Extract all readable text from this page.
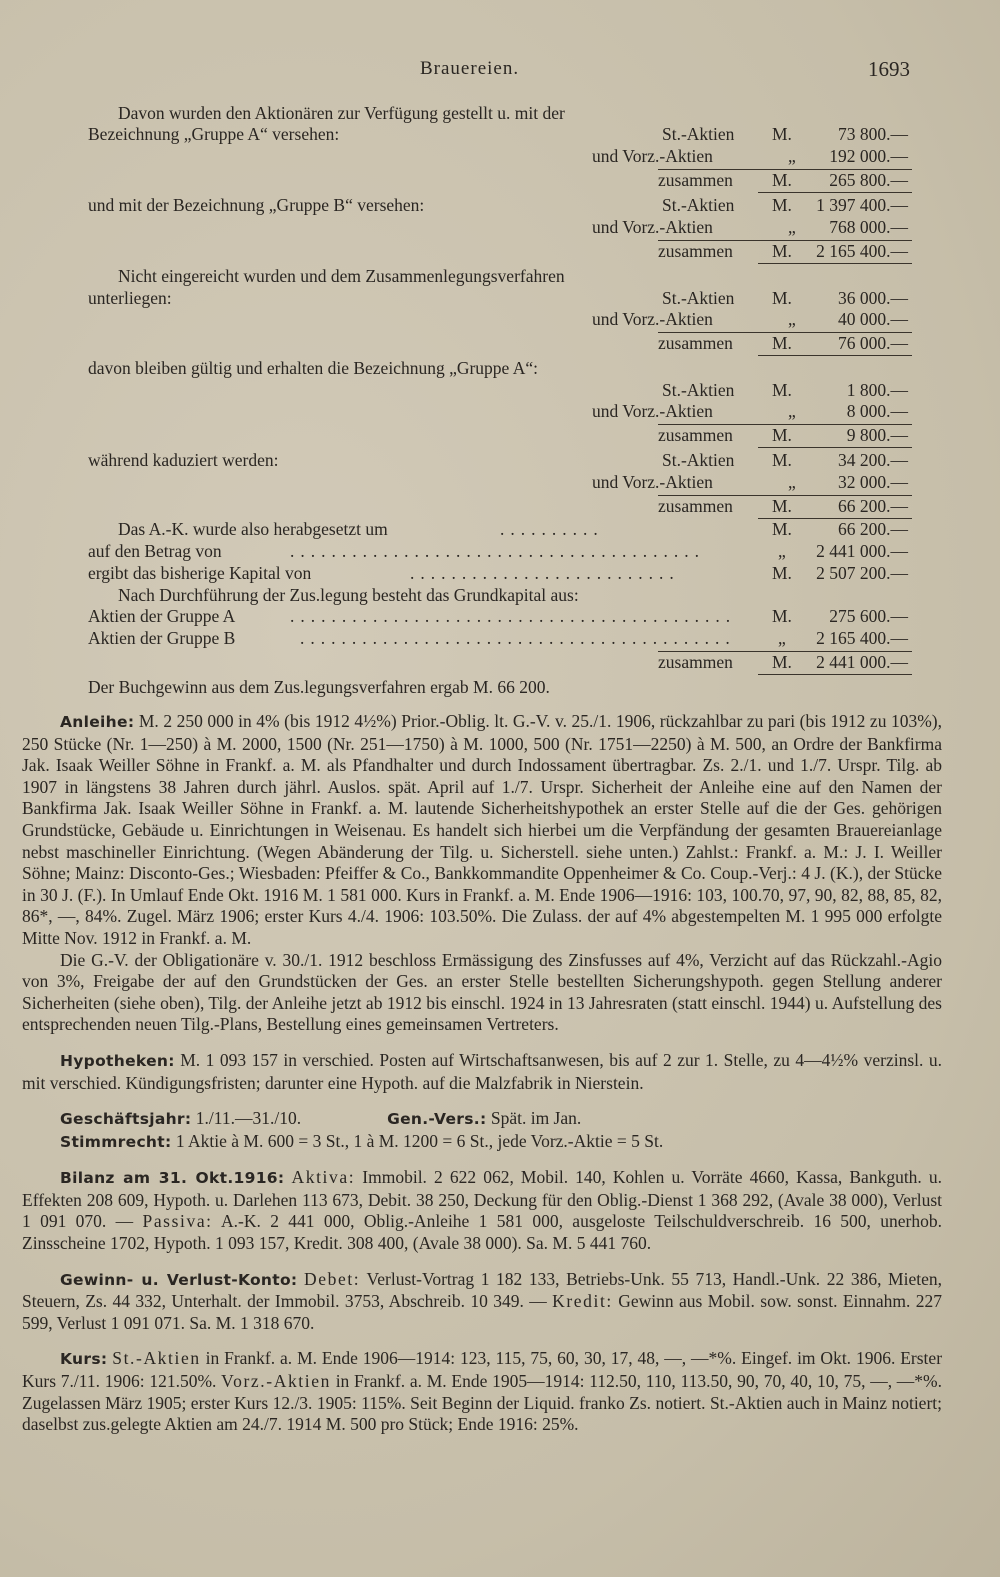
Brauereien.	1693
Davon wurden den Aktionären zur Verfügung gestellt u. mit der
Bezeichnung „Gruppe A“ versehen:	St.-Aktien M.	73 800.—
und Vorz.-Aktien	„	192 000.—
zusammen M.	265 800.—
und mit der Bezeichnung „Gruppe B“ versehen:	St.-Aktien M.	1 397 400.—
und Vorz.-Aktien	„	768 000.—
zusammen M.	2 165 400.—
Nicht eingereicht wurden und dem Zusammenlegungsverfahren
unterliegen:	St.-Aktien M.	36 000.—
und Vorz.-Aktien	„	40 000.—
zusammen M.	76 000.—
davon bleiben gültig und erhalten die Bezeichnung „Gruppe A“:
St.-Aktien M.	1 800.—
und Vorz.-Aktien	„	8 000.—
zusammen M.	9 800.—
während kaduziert werden:	St.-Aktien M.	34 200.—
und Vorz.-Aktien	„	32 000.—
zusammen M.	66 200.—
Das A.-K. wurde also herabgesetzt um	..........	M.	66 200.—
auf den Betrag von	........................................	„	2 441 000.—
ergibt das bisherige Kapital von	..........................	M.	2 507 200.—
Nach Durchführung der Zus.legung besteht das Grundkapital aus:
Aktien der Gruppe A	........................................... M.	275 600.—
Aktien der Gruppe B	.......................................... „	2 165 400.—
zusammen M.	2 441 000.—
Der Buchgewinn aus dem Zus.legungsverfahren ergab M. 66 200.

Anleihe: M. 2 250 000 in 4% (bis 1912 4½%) Prior.-Oblig. lt. G.-V. v. 25./1. 1906, rückzahlbar zu pari (bis 1912 zu 103%), 250 Stücke (Nr. 1—250) à M. 2000, 1500 (Nr. 251—1750) à M. 1000, 500 (Nr. 1751—2250) à M. 500, an Ordre der Bankfirma Jak. Isaak Weiller Söhne in Frankf. a. M. als Pfandhalter und durch Indossament übertragbar. Zs. 2./1. und 1./7. Urspr. Tilg. ab 1907 in längstens 38 Jahren durch jährl. Auslos. spät. April auf 1./7. Urspr. Sicherheit der Anleihe eine auf den Namen der Bankfirma Jak. Isaak Weiller Söhne in Frankf. a. M. lautende Sicherheitshypothek an erster Stelle auf die der Ges. gehörigen Grundstücke, Gebäude u. Einrichtungen in Weisenau. Es handelt sich hierbei um die Verpfändung der gesamten Brauereianlage nebst maschineller Einrichtung. (Wegen Abänderung der Tilg. u. Sicherstell. siehe unten.) Zahlst.: Frankf. a. M.: J. I. Weiller Söhne; Mainz: Disconto-Ges.; Wiesbaden: Pfeiffer & Co., Bankkommandite Oppenheimer & Co. Coup.-Verj.: 4 J. (K.), der Stücke in 30 J. (F.). In Umlauf Ende Okt. 1916 M. 1 581 000. Kurs in Frankf. a. M. Ende 1906—1916: 103, 100.70, 97, 90, 82, 88, 85, 82, 86*, —, 84%. Zugel. März 1906; erster Kurs 4./4. 1906: 103.50%. Die Zulass. der auf 4% abgestempelten M. 1 995 000 erfolgte Mitte Nov. 1912 in Frankf. a. M.

Die G.-V. der Obligationäre v. 30./1. 1912 beschloss Ermässigung des Zinsfusses auf 4%, Verzicht auf das Rückzahl.-Agio von 3%, Freigabe der auf den Grundstücken der Ges. an erster Stelle bestellten Sicherungshypoth. gegen Stellung anderer Sicherheiten (siehe oben), Tilg. der Anleihe jetzt ab 1912 bis einschl. 1924 in 13 Jahresraten (statt einschl. 1944) u. Aufstellung des entsprechenden neuen Tilg.-Plans, Bestellung eines gemeinsamen Vertreters.

Hypotheken: M. 1 093 157 in verschied. Posten auf Wirtschaftsanwesen, bis auf 2 zur 1. Stelle, zu 4—4½% verzinsl. u. mit verschied. Kündigungsfristen; darunter eine Hypoth. auf die Malzfabrik in Nierstein.

Geschäftsjahr: 1./11.—31./10.	Gen.-Vers.: Spät. im Jan.

Stimmrecht: 1 Aktie à M. 600 = 3 St., 1 à M. 1200 = 6 St., jede Vorz.-Aktie = 5 St.

Bilanz am 31. Okt.1916: Aktiva: Immobil. 2 622 062, Mobil. 140, Kohlen u. Vorräte 4660, Kassa, Bankguth. u. Effekten 208 609, Hypoth. u. Darlehen 113 673, Debit. 38 250, Deckung für den Oblig.-Dienst 1 368 292, (Avale 38 000), Verlust 1 091 070. — Passiva: A.-K. 2 441 000, Oblig.-Anleihe 1 581 000, ausgeloste Teilschuldverschreib. 16 500, unerhob. Zinsscheine 1702, Hypoth. 1 093 157, Kredit. 308 400, (Avale 38 000). Sa. M. 5 441 760.

Gewinn- u. Verlust-Konto: Debet: Verlust-Vortrag 1 182 133, Betriebs-Unk. 55 713, Handl.-Unk. 22 386, Mieten, Steuern, Zs. 44 332, Unterhalt. der Immobil. 3753, Abschreib. 10 349. — Kredit: Gewinn aus Mobil. sow. sonst. Einnahm. 227 599, Verlust 1 091 071. Sa. M. 1 318 670.

Kurs: St.-Aktien in Frankf. a. M. Ende 1906—1914: 123, 115, 75, 60, 30, 17, 48, —, —*%. Eingef. im Okt. 1906. Erster Kurs 7./11. 1906: 121.50%. Vorz.-Aktien in Frankf. a. M. Ende 1905—1914: 112.50, 110, 113.50, 90, 70, 40, 10, 75, —, —*%. Zugelassen März 1905; erster Kurs 12./3. 1905: 115%. Seit Beginn der Liquid. franko Zs. notiert. St.-Aktien auch in Mainz notiert; daselbst zus.gelegte Aktien am 24./7. 1914 M. 500 pro Stück; Ende 1916: 25%.
